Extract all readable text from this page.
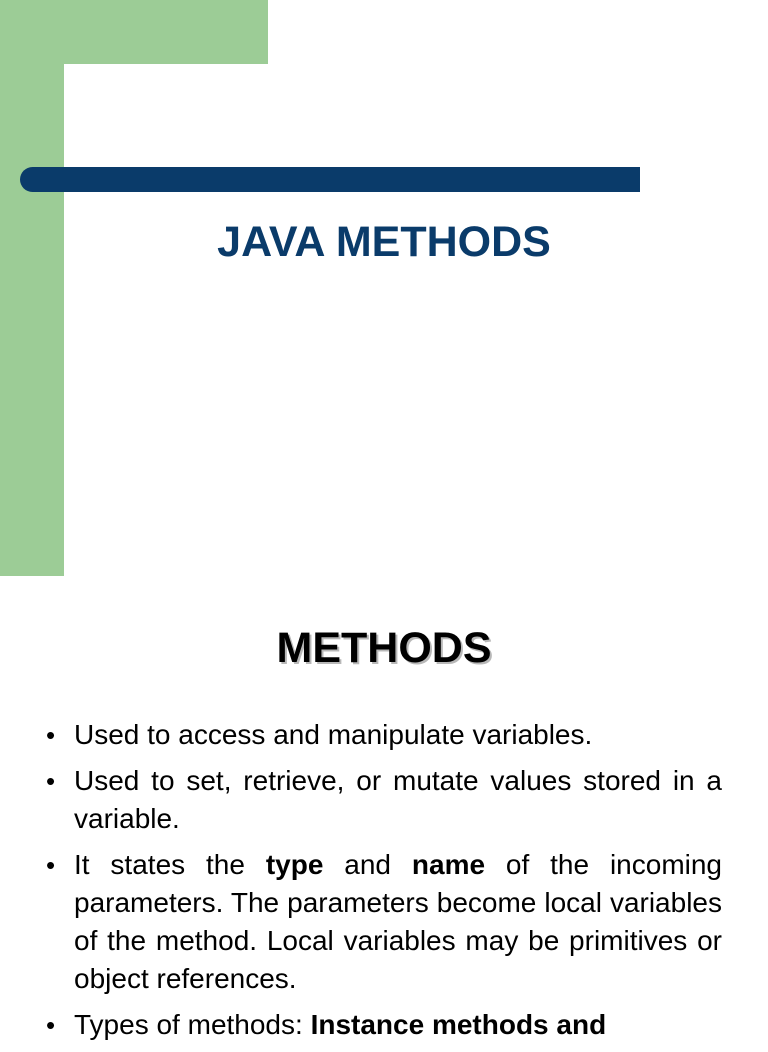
JAVA METHODS
METHODS
• Used to access and manipulate variables.
• Used to set, retrieve, or mutate values stored in a variable.
• It states the type and name of the incoming parameters. The parameters become local variables of the method. Local variables may be primitives or object references.
• Types of methods: Instance methods and
